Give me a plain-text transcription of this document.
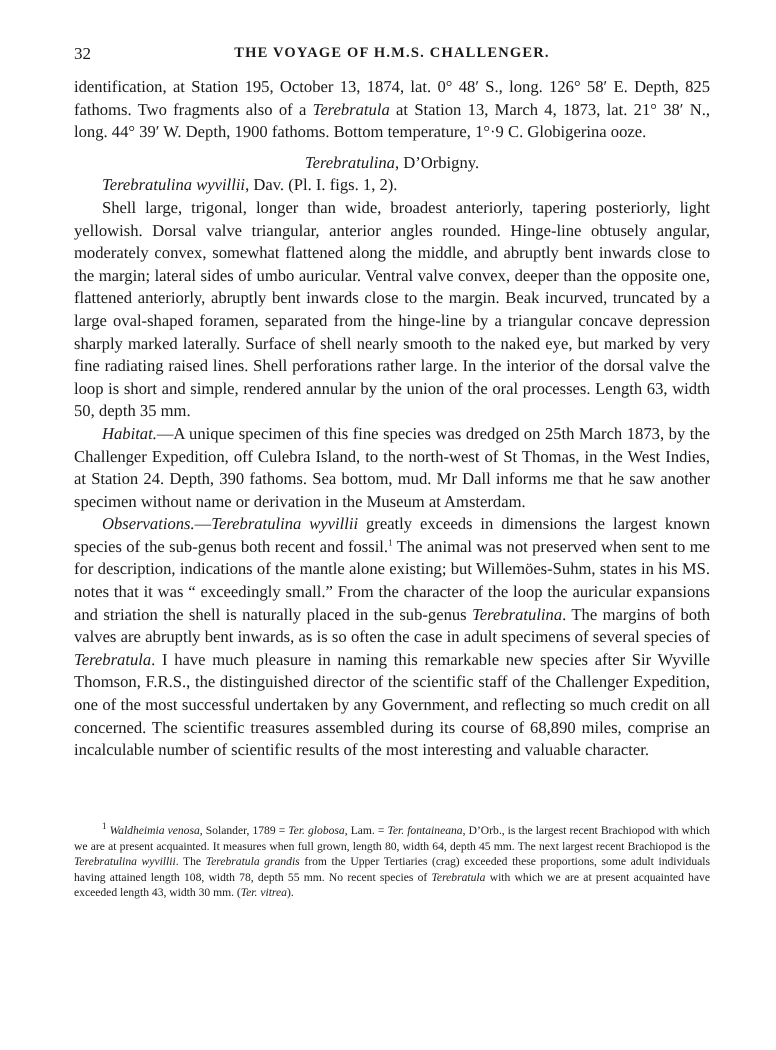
32	THE VOYAGE OF H.M.S. CHALLENGER.

identification, at Station 195, October 13, 1874, lat. 0° 48′ S., long. 126° 58′ E. Depth, 825 fathoms. Two fragments also of a Terebratula at Station 13, March 4, 1873, lat. 21° 38′ N., long. 44° 39′ W. Depth, 1900 fathoms. Bottom temperature, 1°·9 C. Globigerina ooze.

Terebratulina, D’Orbigny.

Terebratulina wyvillii, Dav. (Pl. I. figs. 1, 2).

Shell large, trigonal, longer than wide, broadest anteriorly, tapering posteriorly, light yellowish. Dorsal valve triangular, anterior angles rounded. Hinge-line obtusely angular, moderately convex, somewhat flattened along the middle, and abruptly bent inwards close to the margin; lateral sides of umbo auricular. Ventral valve convex, deeper than the opposite one, flattened anteriorly, abruptly bent inwards close to the margin. Beak incurved, truncated by a large oval-shaped foramen, separated from the hinge-line by a triangular concave depression sharply marked laterally. Surface of shell nearly smooth to the naked eye, but marked by very fine radiating raised lines. Shell perforations rather large. In the interior of the dorsal valve the loop is short and simple, rendered annular by the union of the oral processes. Length 63, width 50, depth 35 mm.

Habitat.—A unique specimen of this fine species was dredged on 25th March 1873, by the Challenger Expedition, off Culebra Island, to the north-west of St Thomas, in the West Indies, at Station 24. Depth, 390 fathoms. Sea bottom, mud. Mr Dall informs me that he saw another specimen without name or derivation in the Museum at Amsterdam.

Observations.—Terebratulina wyvillii greatly exceeds in dimensions the largest known species of the sub-genus both recent and fossil.$^1$ The animal was not preserved when sent to me for description, indications of the mantle alone existing; but Willemöes-Suhm, states in his MS. notes that it was “ exceedingly small.” From the character of the loop the auricular expansions and striation the shell is naturally placed in the sub-genus Terebratulina. The margins of both valves are abruptly bent inwards, as is so often the case in adult specimens of several species of Terebratula. I have much pleasure in naming this remarkable new species after Sir Wyville Thomson, F.R.S., the distinguished director of the scientific staff of the Challenger Expedition, one of the most successful undertaken by any Government, and reflecting so much credit on all concerned. The scientific treasures assembled during its course of 68,890 miles, comprise an incalculable number of scientific results of the most interesting and valuable character.

$^1$ Waldheimia venosa, Solander, 1789 = Ter. globosa, Lam. = Ter. fontaineana, D’Orb., is the largest recent Brachiopod with which we are at present acquainted. It measures when full grown, length 80, width 64, depth 45 mm. The next largest recent Brachiopod is the Terebratulina wyvillii. The Terebratula grandis from the Upper Tertiaries (crag) exceeded these proportions, some adult individuals having attained length 108, width 78, depth 55 mm. No recent species of Terebratula with which we are at present acquainted have exceeded length 43, width 30 mm. (Ter. vitrea).
